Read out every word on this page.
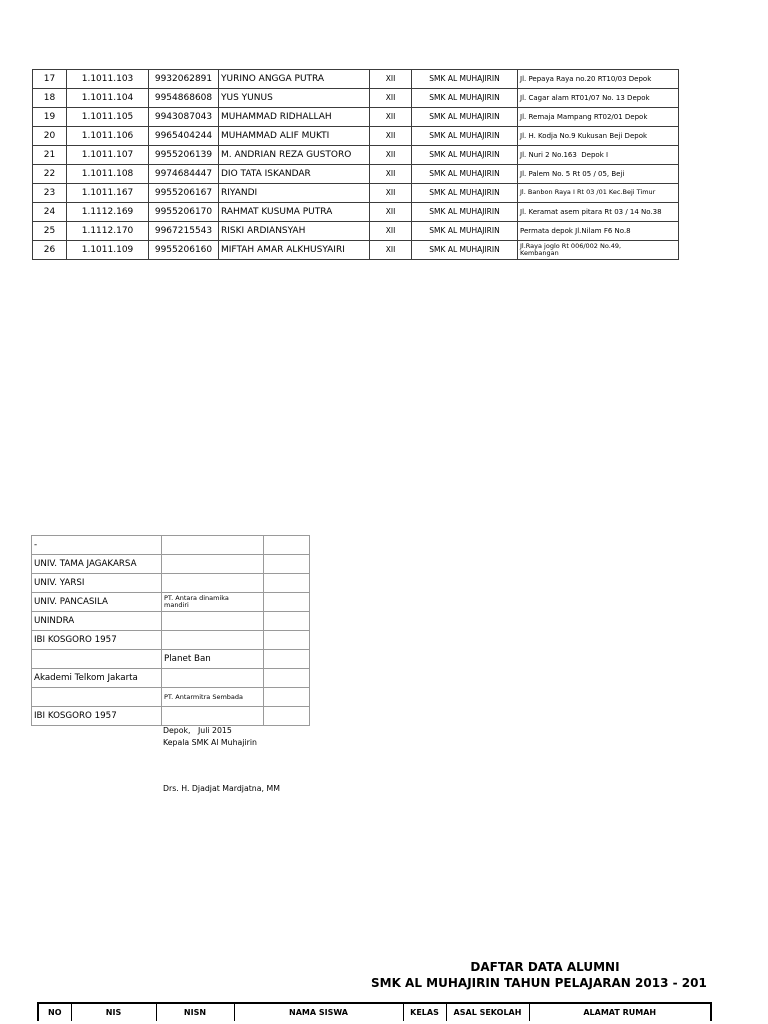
17	1.1011.103	9932062891	YURINO ANGGA PUTRA	XII	SMK AL MUHAJIRIN	Jl. Pepaya Raya no.20 RT10/03 Depok
18	1.1011.104	9954868608	YUS YUNUS	XII	SMK AL MUHAJIRIN	Jl. Cagar alam RT01/07 No. 13 Depok
19	1.1011.105	9943087043	MUHAMMAD RIDHALLAH	XII	SMK AL MUHAJIRIN	Jl. Remaja Mampang RT02/01 Depok
20	1.1011.106	9965404244	MUHAMMAD ALIF MUKTI	XII	SMK AL MUHAJIRIN	Jl. H. Kodja No.9 Kukusan Beji Depok
21	1.1011.107	9955206139	M. ANDRIAN REZA GUSTORO	XII	SMK AL MUHAJIRIN	Jl. Nuri 2 No.163  Depok I
22	1.1011.108	9974684447	DIO TATA ISKANDAR	XII	SMK AL MUHAJIRIN	Jl. Palem No. 5 Rt 05 / 05, Beji
23	1.1011.167	9955206167	RIYANDI	XII	SMK AL MUHAJIRIN	Jl. Banbon Raya I Rt 03 /01 Kec.Beji Timur

24	1.1112.169	9955206170	RAHMAT KUSUMA PUTRA	XII	SMK AL MUHAJIRIN	Jl. Keramat asem pitara Rt 03 / 14 No.38
25	1.1112.170	9967215543	RISKI ARDIANSYAH	XII	SMK AL MUHAJIRIN	Permata depok Jl.Nilam F6 No.8
26	1.1011.109	9955206160	MIFTAH AMAR ALKHUSYAIRI	XII	SMK AL MUHAJIRIN	Jl.Raya joglo Rt 006/002 No.49, Kembangan
-		
UNIV. TAMA JAGAKARSA		
UNIV. YARSI		
UNIV. PANCASILA	PT. Antara dinamika mandiri	

UNINDRA		
IBI KOSGORO 1957		
	Planet Ban	
Akademi Telkom Jakarta		
	PT. Antarmitra Sembada	
IBI KOSGORO 1957		
Depok,   Juli 2015
Kepala SMK Al Muhajirin
Drs. H. Djadjat Mardjatna, MM
DAFTAR DATA ALUMNI
SMK AL MUHAJIRIN TAHUN PELAJARAN 2013 - 201
NO	NIS	NISN	NAMA SISWA	KELAS	ASAL SEKOLAH	ALAMAT RUMAH
